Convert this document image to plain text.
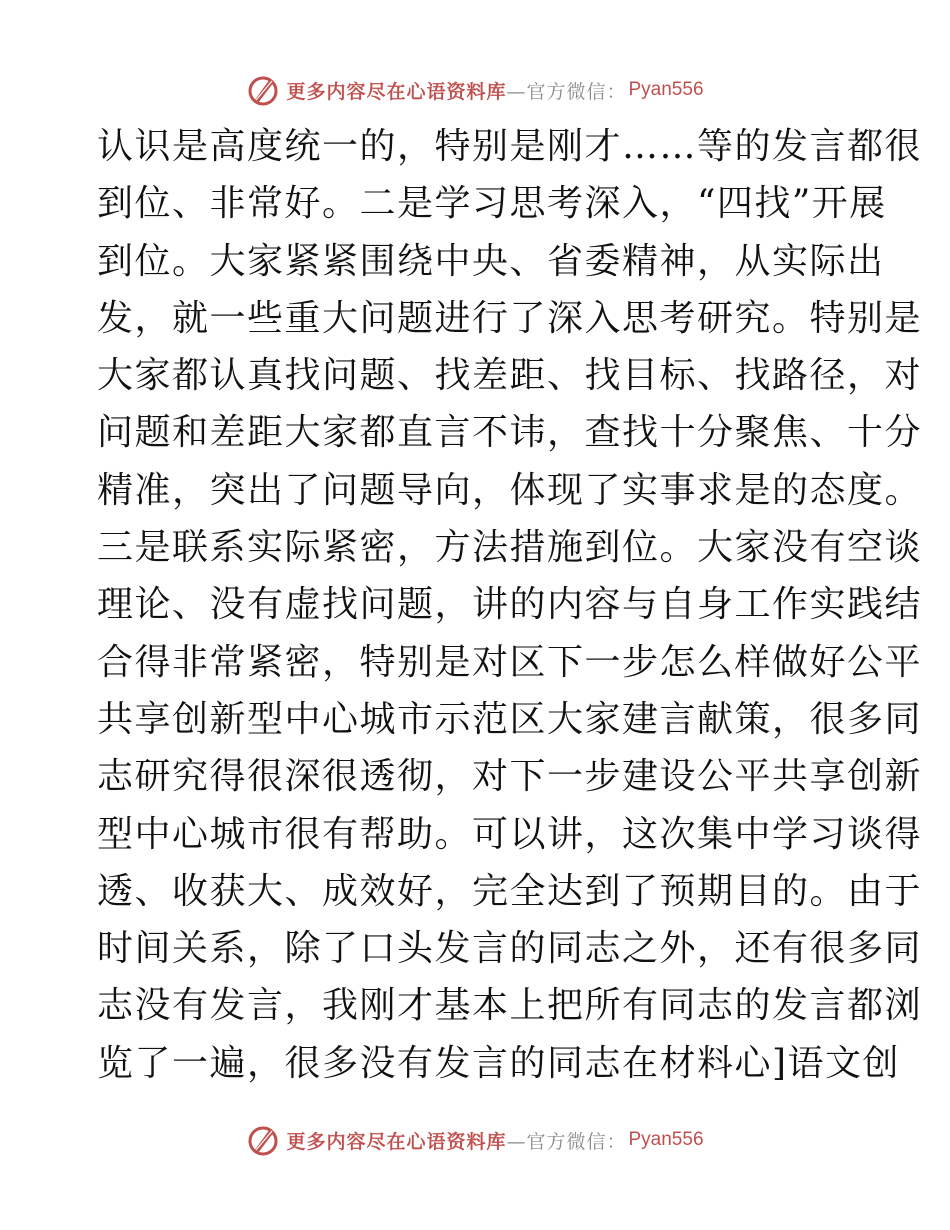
更多内容尽在心语资料库 —官方微信： Pyan556
认识是高度统一的，特别是刚才……等的发言都很
到位、非常好。二是学习思考深入，“四找”开展
到位。大家紧紧围绕中央、省委精神，从实际出
发，就一些重大问题进行了深入思考研究。特别是
大家都认真找问题、找差距、找目标、找路径，对
问题和差距大家都直言不讳，查找十分聚焦、十分
精准，突出了问题导向，体现了实事求是的态度。
三是联系实际紧密，方法措施到位。大家没有空谈
理论、没有虚找问题，讲的内容与自身工作实践结
合得非常紧密，特别是对区下一步怎么样做好公平
共享创新型中心城市示范区大家建言献策，很多同
志研究得很深很透彻，对下一步建设公平共享创新
型中心城市很有帮助。可以讲，这次集中学习谈得
透、收获大、成效好，完全达到了预期目的。由于
时间关系，除了口头发言的同志之外，还有很多同
志没有发言，我刚才基本上把所有同志的发言都浏
览了一遍，很多没有发言的同志在材料心]语文创
更多内容尽在心语资料库 —官方微信： Pyan556
